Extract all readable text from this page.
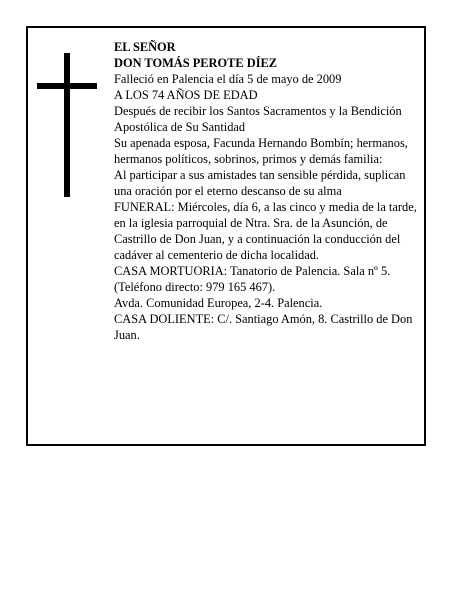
EL SEÑOR

DON TOMÁS PEROTE DÍEZ

Falleció en Palencia el día 5 de mayo de 2009

A LOS 74 AÑOS DE EDAD

Después de recibir los Santos Sacramentos y la Bendición Apostólica de Su Santidad

Su apenada esposa, Facunda Hernando Bombín; hermanos, hermanos políticos, sobrinos, primos y demás familia:

Al participar a sus amistades tan sensible pérdida, suplican una oración por el eterno descanso de su alma

FUNERAL: Miércoles, día 6, a las cinco y media de la tarde, en la iglesia parroquial de Ntra. Sra. de la Asunción, de Castrillo de Don Juan, y a continuación la conducción del cadáver al cementerio de dicha localidad.

CASA MORTUORIA: Tanatorio de Palencia. Sala nº 5. (Teléfono directo: 979 165 467).

Avda. Comunidad Europea, 2-4. Palencia.

CASA DOLIENTE: C/. Santiago Amón, 8. Castrillo de Don Juan.
